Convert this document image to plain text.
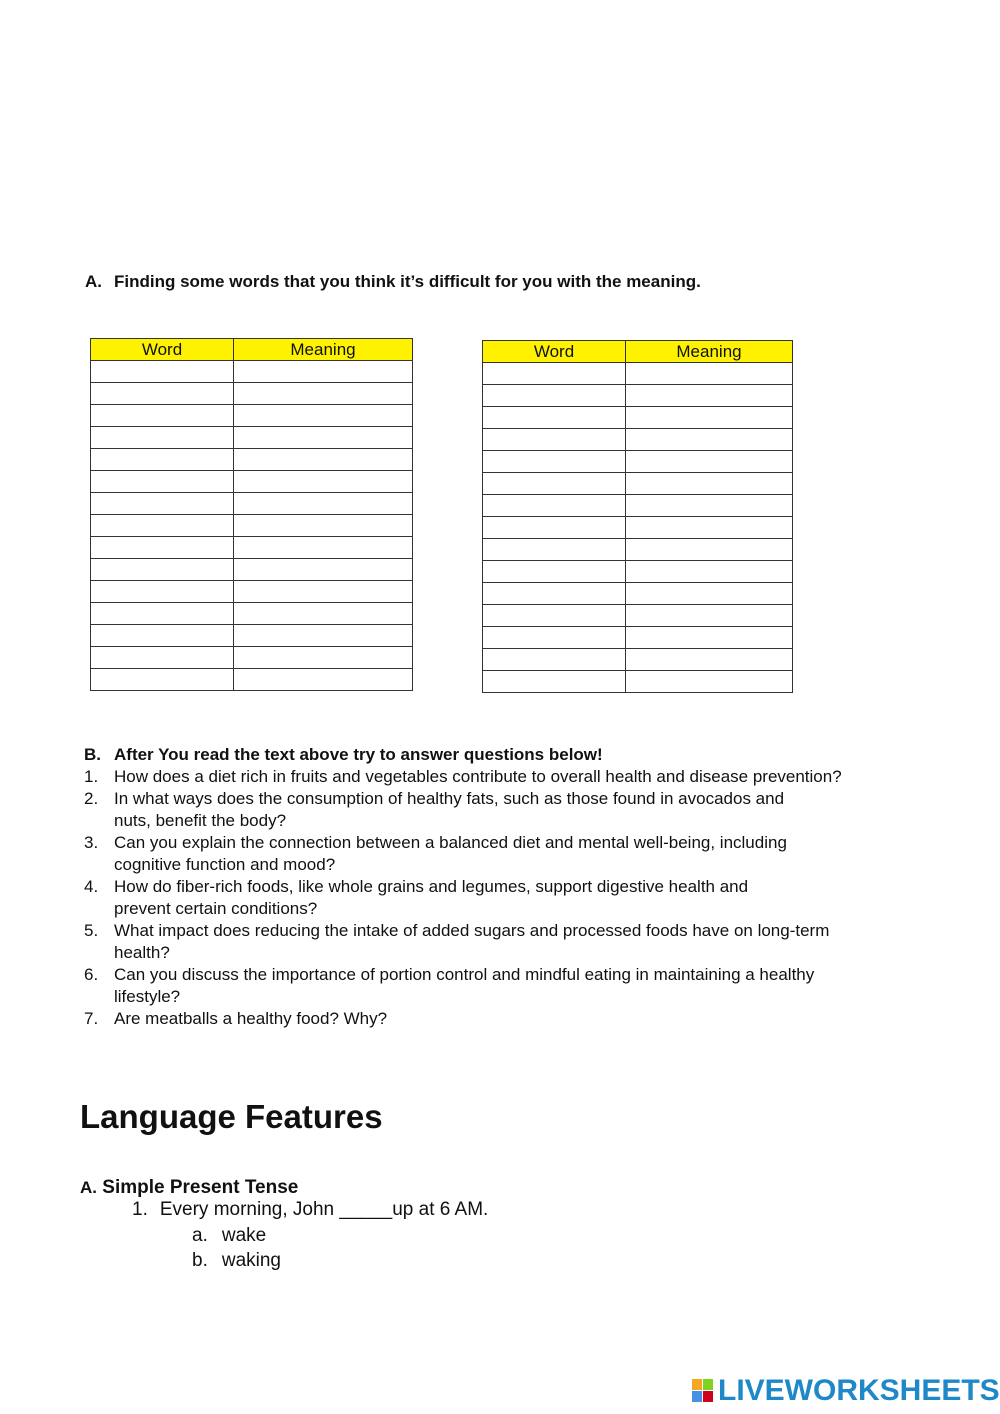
A. Finding some words that you think it’s difficult for you with the meaning.
Word	Meaning

		Word	Meaning

B. After You read the text above try to answer questions below!
1. How does a diet rich in fruits and vegetables contribute to overall health and disease prevention?
2. In what ways does the consumption of healthy fats, such as those found in avocados and
nuts, benefit the body?
3. Can you explain the connection between a balanced diet and mental well-being, including
cognitive function and mood?
4. How do fiber-rich foods, like whole grains and legumes, support digestive health and
prevent certain conditions?
5. What impact does reducing the intake of added sugars and processed foods have on long-term
health?
6. Can you discuss the importance of portion control and mindful eating in maintaining a healthy
lifestyle?
7. Are meatballs a healthy food? Why?
Language Features
A. Simple Present Tense
1. Every morning, John _____up at 6 AM.
a. wake
b. waking
LIVEWORKSHEETS
